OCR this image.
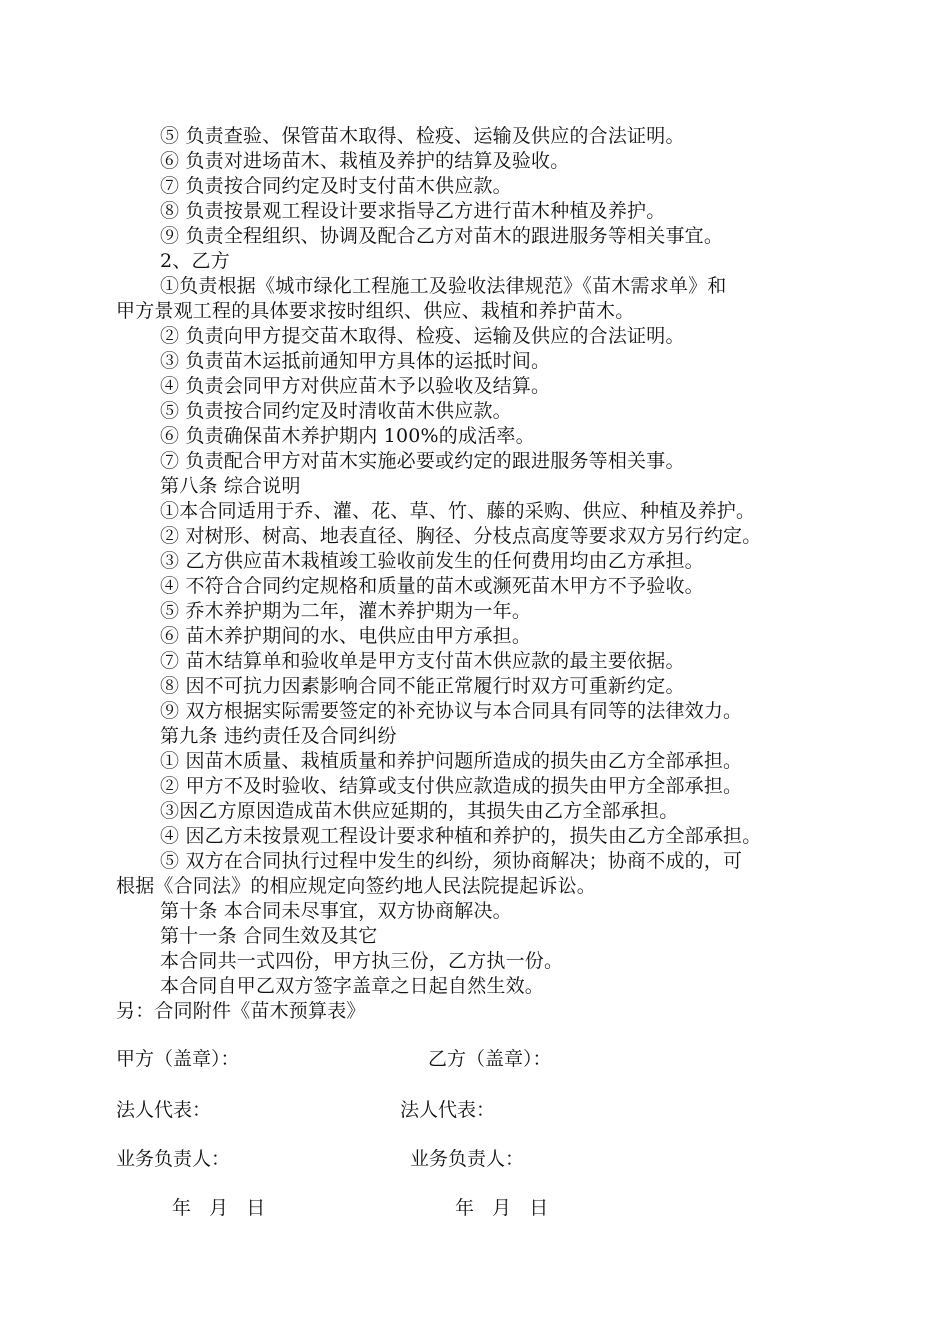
⑤ 负责查验、保管苗木取得、检疫、运输及供应的合法证明。
⑥ 负责对进场苗木、栽植及养护的结算及验收。
⑦ 负责按合同约定及时支付苗木供应款。
⑧ 负责按景观工程设计要求指导乙方进行苗木种植及养护。
⑨ 负责全程组织、协调及配合乙方对苗木的跟进服务等相关事宜。
2、乙方
①负责根据《城市绿化工程施工及验收法律规范》《苗木需求单》和
甲方景观工程的具体要求按时组织、供应、栽植和养护苗木。
② 负责向甲方提交苗木取得、检疫、运输及供应的合法证明。
③ 负责苗木运抵前通知甲方具体的运抵时间。
④ 负责会同甲方对供应苗木予以验收及结算。
⑤ 负责按合同约定及时清收苗木供应款。
⑥ 负责确保苗木养护期内 100%的成活率。
⑦ 负责配合甲方对苗木实施必要或约定的跟进服务等相关事。
第八条 综合说明
①本合同适用于乔、灌、花、草、竹、藤的采购、供应、种植及养护。
② 对树形、树高、地表直径、胸径、分枝点高度等要求双方另行约定。
③ 乙方供应苗木栽植竣工验收前发生的任何费用均由乙方承担。
④ 不符合合同约定规格和质量的苗木或濒死苗木甲方不予验收。
⑤ 乔木养护期为二年，灌木养护期为一年。
⑥ 苗木养护期间的水、电供应由甲方承担。
⑦ 苗木结算单和验收单是甲方支付苗木供应款的最主要依据。
⑧ 因不可抗力因素影响合同不能正常履行时双方可重新约定。
⑨ 双方根据实际需要签定的补充协议与本合同具有同等的法律效力。
第九条 违约责任及合同纠纷
① 因苗木质量、栽植质量和养护问题所造成的损失由乙方全部承担。
② 甲方不及时验收、结算或支付供应款造成的损失由甲方全部承担。
③因乙方原因造成苗木供应延期的，其损失由乙方全部承担。
④ 因乙方未按景观工程设计要求种植和养护的，损失由乙方全部承担。
⑤ 双方在合同执行过程中发生的纠纷，须协商解决；协商不成的，可
根据《合同法》的相应规定向签约地人民法院提起诉讼。
第十条 本合同未尽事宜，双方协商解决。
第十一条 合同生效及其它
本合同共一式四份，甲方执三份，乙方执一份。
本合同自甲乙双方签字盖章之日起自然生效。
另：合同附件《苗木预算表》
甲方（盖章）：	乙方（盖章）：
法人代表：	法人代表：
业务负责人：	业务负责人：
年   月   日	年   月   日
